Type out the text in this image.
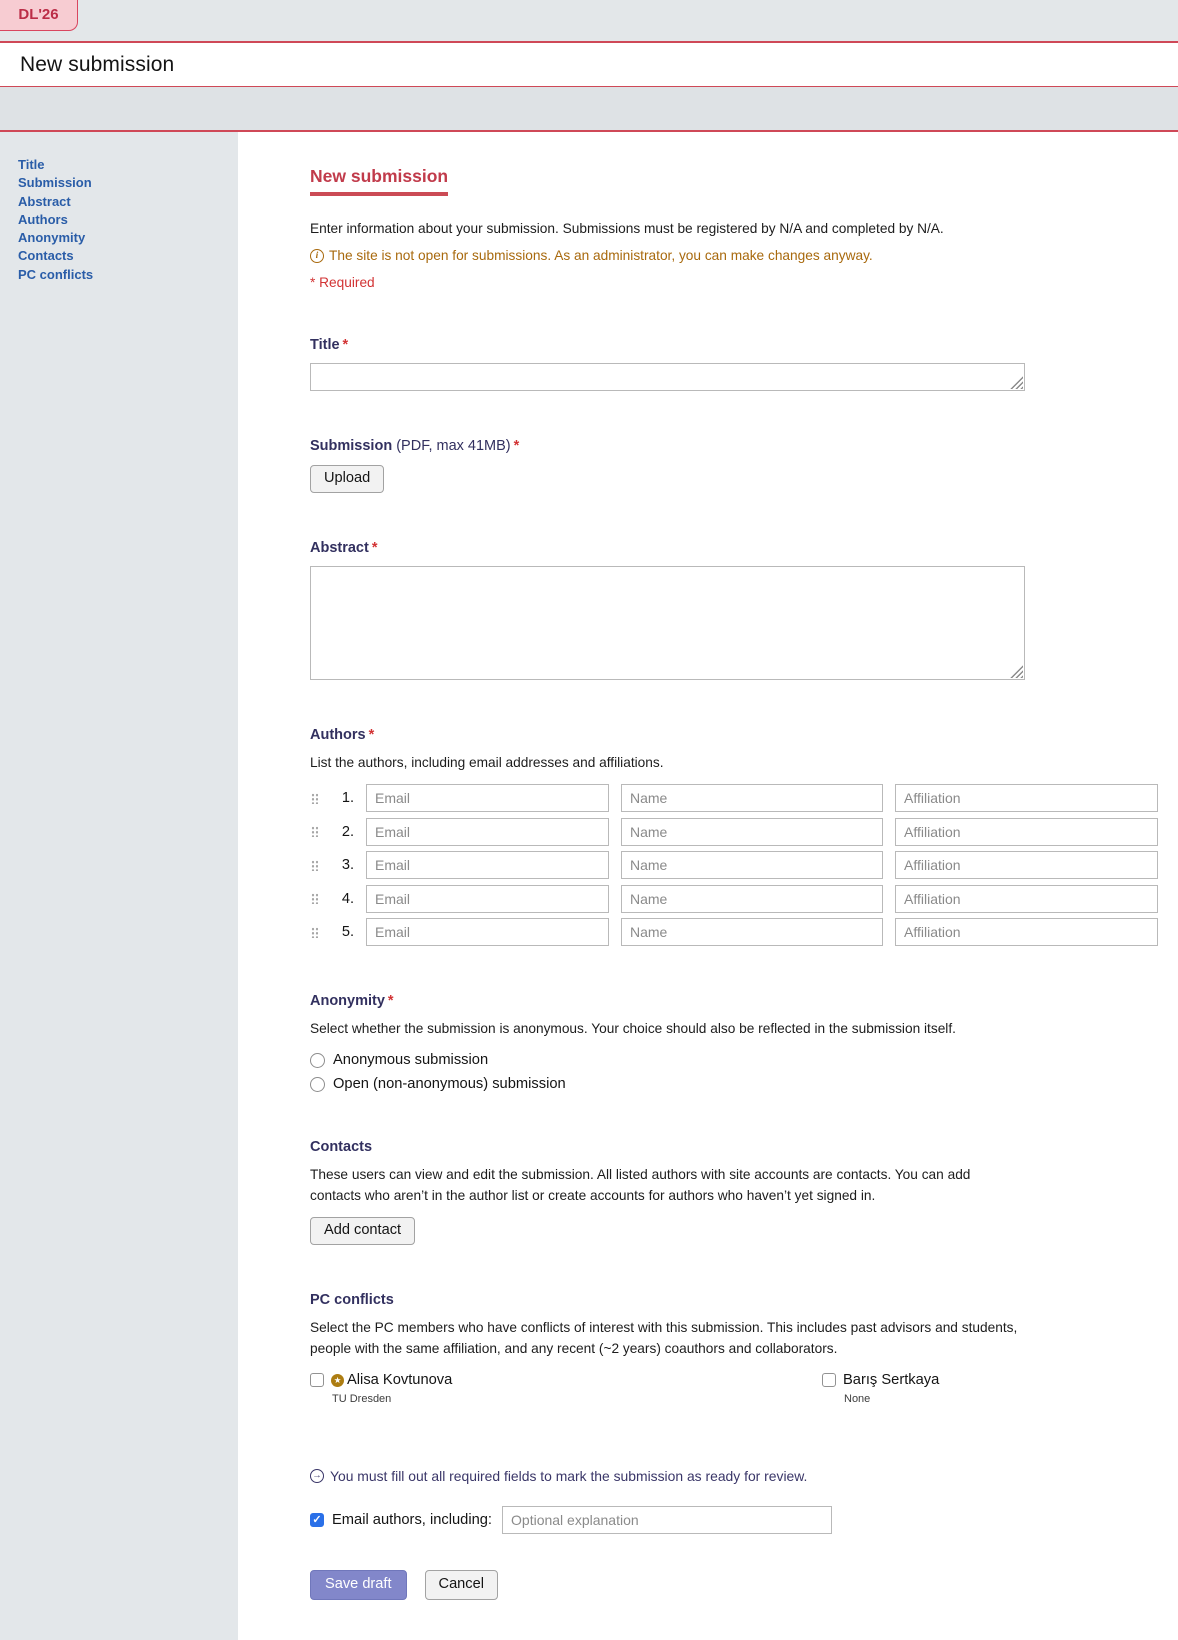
DL'26
New submission
Title
Submission
Abstract
Authors
Anonymity
Contacts
PC conflicts
New submission
Enter information about your submission. Submissions must be registered by N/A and completed by N/A.
i The site is not open for submissions. As an administrator, you can make changes anyway.
* Required
Title *
Submission (PDF, max 41MB) *
Upload
Abstract *
Authors *
List the authors, including email addresses and affiliations.
1.
Email
Name
Affiliation
2.
Email
Name
Affiliation
3.
Email
Name
Affiliation
4.
Email
Name
Affiliation
5.
Email
Name
Affiliation
Anonymity *
Select whether the submission is anonymous. Your choice should also be reflected in the submission itself.
Anonymous submission
Open (non-anonymous) submission
Contacts
These users can view and edit the submission. All listed authors with site accounts are contacts. You can add contacts who aren’t in the author list or create accounts for authors who haven’t yet signed in.
Add contact
PC conflicts
Select the PC members who have conflicts of interest with this submission. This includes past advisors and students, people with the same affiliation, and any recent (~2 years) coauthors and collaborators.
★ Alisa Kovtunova
TU Dresden
Barış Sertkaya
None
→ You must fill out all required fields to mark the submission as ready for review.
✓ Email authors, including:
Optional explanation
Save draft	Cancel
